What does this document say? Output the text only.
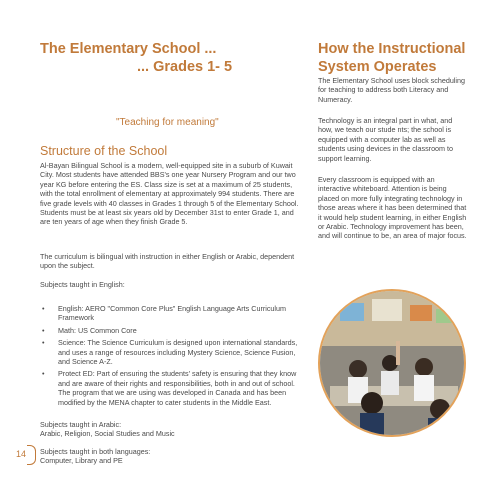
The Elementary School ...
... Grades 1- 5

"Teaching for meaning"

Structure of the School

Al-Bayan Bilingual School is a modern, well-equipped site in a suburb of Kuwait City. Most students have attended BBS's one year Nursery Program and our two year KG before entering the ES. Class size is set at a maximum of 25 students, with the total enrollment of elementary at approximately 994 students. There are five grade levels with 40 classes in Grades 1 through 5 of the Elementary School. Students must be at least six years old by December 31st to enter Grade 1, and are ten years of age when they finish Grade 5.

The curriculum is bilingual with instruction in either English or Arabic, dependent upon the subject.

Subjects taught in English:

• English: AERO "Common Core Plus" English Language Arts Curriculum Framework
• Math: US Common Core
• Science: The Science Curriculum is designed upon international standards, and uses a range of resources including Mystery Science, Science Fusion, and Science A-Z.
• Protect ED: Part of ensuring the students' safety is ensuring that they know and are aware of their rights and responsibilities, both in and out of school. The program that we are using was developed in Canada and has been modified by the MENA chapter to cater students in the Middle East.

Subjects taught in Arabic:

Arabic, Religion, Social Studies and Music

Subjects taught in both languages:

Computer, Library and PE

14
How the Instructional
System Operates

The Elementary School uses block scheduling for teaching to address both Literacy and Numeracy.

Technology is an integral part in what, and how, we teach our stude nts; the school is equipped with a computer lab as well as students using devices in the classroom to support learning.

Every classroom is equipped with an interactive whiteboard. Attention is being placed on more fully integrating technology in those areas where it has been determined that it would help student learning, in either English or Arabic. Technology improvement has been, and will continue to be, an area of major focus.
